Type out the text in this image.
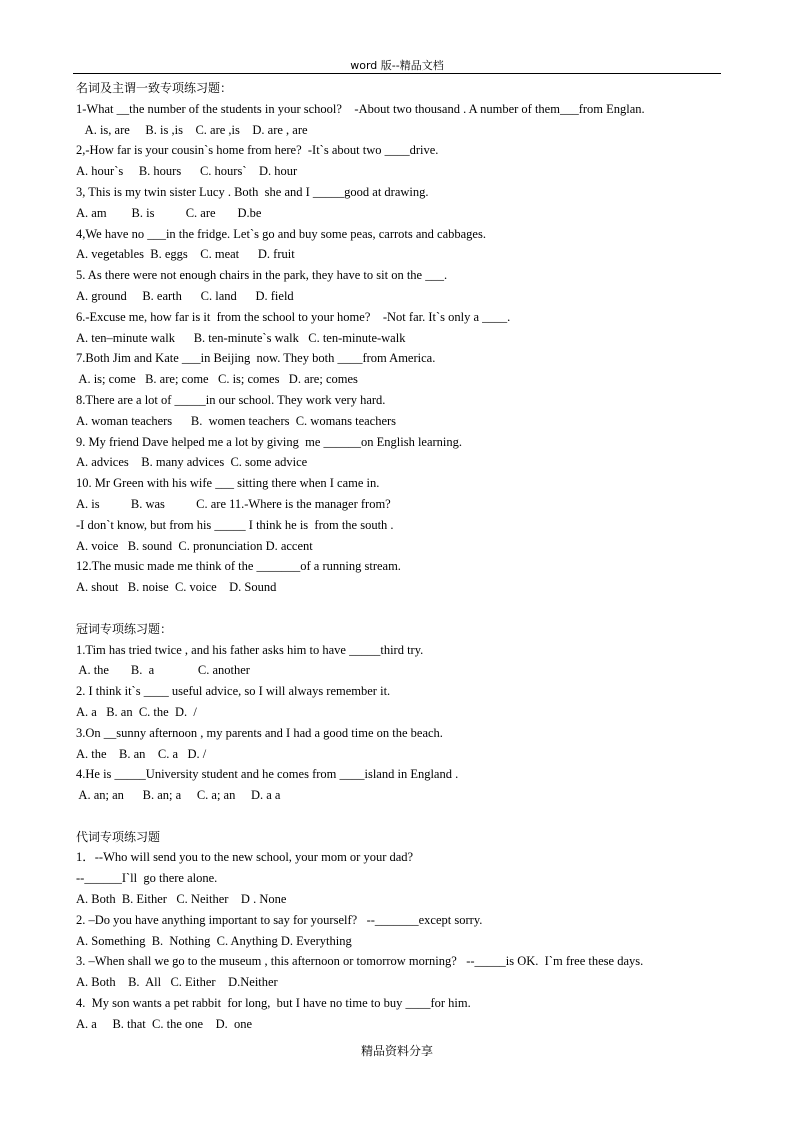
word 版--精品文档
名词及主谓一致专项练习题：
1-What __the number of the students in your school?    -About two thousand . A number of them___from Englan.
A. is, are     B. is ,is    C. are ,is    D. are , are
2,-How far is your cousin`s home from here?  -It`s about two ____drive.
A. hour`s     B. hours      C. hours`    D. hour
3, This is my twin sister Lucy . Both  she and I _____good at drawing.
A. am        B. is          C. are       D.be
4,We have no ___in the fridge. Let`s go and buy some peas, carrots and cabbages.
A. vegetables  B. eggs    C. meat      D. fruit
5. As there were not enough chairs in the park, they have to sit on the ___.
A. ground     B. earth      C. land      D. field
6.-Excuse me, how far is it  from the school to your home?    -Not far. It`s only a ____.
A. ten–minute walk      B. ten-minute`s walk   C. ten-minute-walk
7.Both Jim and Kate ___in Beijing  now. They both ____from America.
A. is; come   B. are; come   C. is; comes   D. are; comes
8.There are a lot of _____in our school. They work very hard.
A. woman teachers      B.  women teachers  C. womans teachers
9. My friend Dave helped me a lot by giving  me ______on English learning.
A. advices    B. many advices  C. some advice
10. Mr Green with his wife ___ sitting there when I came in.
A. is          B. was          C. are 11.-Where is the manager from?
-I don`t know, but from his _____ I think he is  from the south .
A. voice   B. sound  C. pronunciation D. accent
12.The music made me think of the _______of a running stream.
A. shout   B. noise  C. voice    D. Sound
冠词专项练习题：
1.Tim has tried twice , and his father asks him to have _____third try.
A. the       B.  a              C. another
2. I think it`s ____ useful advice, so I will always remember it.
A. a   B. an  C. the  D.  /
3.On __sunny afternoon , my parents and I had a good time on the beach.
A. the    B. an    C. a   D. /
4.He is _____University student and he comes from ____island in England .
A. an; an      B. an; a     C. a; an     D. a a
代词专项练习题
1．--Who will send you to the new school, your mom or your dad?
--______I`ll  go there alone.
A. Both  B. Either   C. Neither    D . None
2. –Do you have anything important to say for yourself?   --_______except sorry.
A. Something  B.  Nothing  C. Anything D. Everything
3. –When shall we go to the museum , this afternoon or tomorrow morning?   --_____is OK.  I`m free these days.
A. Both    B.  All   C. Either    D.Neither
4.  My son wants a pet rabbit  for long,  but I have no time to buy ____for him.
A. a     B. that  C. the one    D.  one
精品资料分享
